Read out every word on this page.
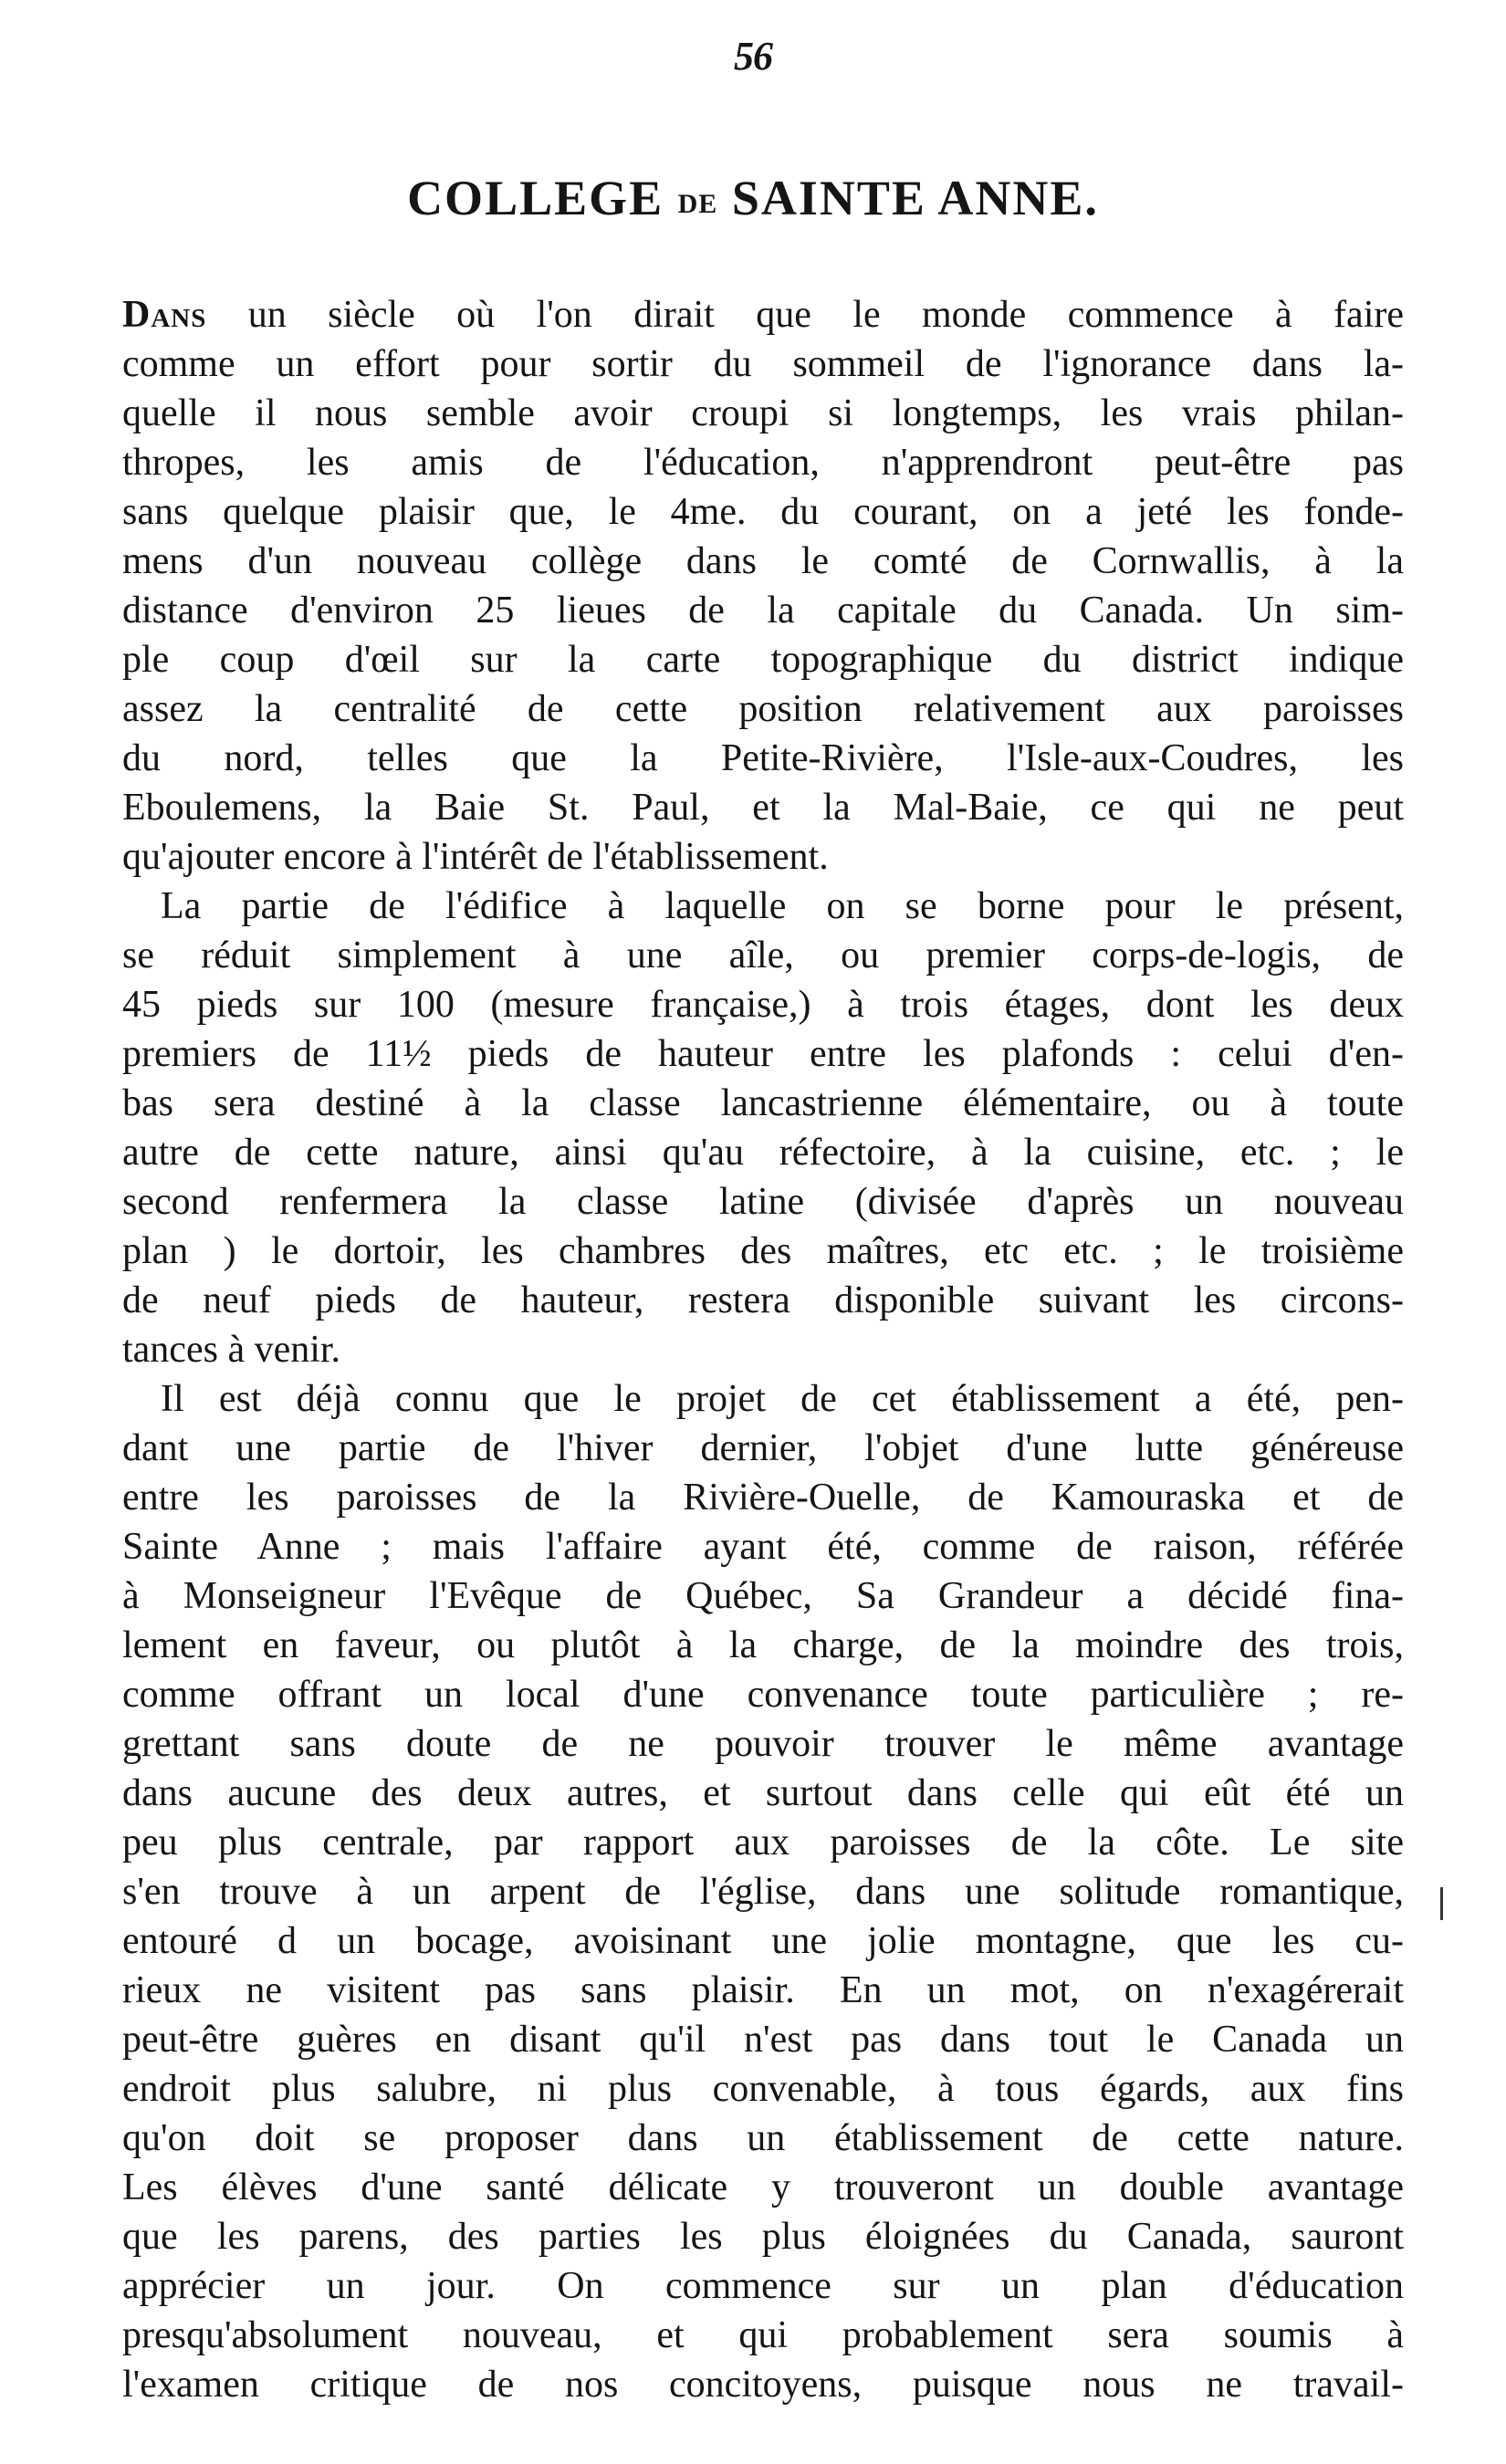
56
COLLEGE DE SAINTE ANNE.
Dans un siècle où l'on dirait que le monde commence à faire
comme un effort pour sortir du sommeil de l'ignorance dans la-
quelle il nous semble avoir croupi si longtemps, les vrais philan-
thropes, les amis de l'éducation, n'apprendront peut-être pas
sans quelque plaisir que, le 4me. du courant, on a jeté les fonde-
mens d'un nouveau collège dans le comté de Cornwallis, à la
distance d'environ 25 lieues de la capitale du Canada. Un sim-
ple coup d'œil sur la carte topographique du district indique
assez la centralité de cette position relativement aux paroisses
du nord, telles que la Petite-Rivière, l'Isle-aux-Coudres, les
Eboulemens, la Baie St. Paul, et la Mal-Baie, ce qui ne peut
qu'ajouter encore à l'intérêt de l'établissement.
La partie de l'édifice à laquelle on se borne pour le présent,
se réduit simplement à une aîle, ou premier corps-de-logis, de
45 pieds sur 100 (mesure française,) à trois étages, dont les deux
premiers de 11½ pieds de hauteur entre les plafonds : celui d'en-
bas sera destiné à la classe lancastrienne élémentaire, ou à toute
autre de cette nature, ainsi qu'au réfectoire, à la cuisine, etc. ; le
second renfermera la classe latine (divisée d'après un nouveau
plan ) le dortoir, les chambres des maîtres, etc etc. ; le troisième
de neuf pieds de hauteur, restera disponible suivant les circons-
tances à venir.
Il est déjà connu que le projet de cet établissement a été, pen-
dant une partie de l'hiver dernier, l'objet d'une lutte généreuse
entre les paroisses de la Rivière-Ouelle, de Kamouraska et de
Sainte Anne ; mais l'affaire ayant été, comme de raison, référée
à Monseigneur l'Evêque de Québec, Sa Grandeur a décidé fina-
lement en faveur, ou plutôt à la charge, de la moindre des trois,
comme offrant un local d'une convenance toute particulière ; re-
grettant sans doute de ne pouvoir trouver le même avantage
dans aucune des deux autres, et surtout dans celle qui eût été un
peu plus centrale, par rapport aux paroisses de la côte. Le site
s'en trouve à un arpent de l'église, dans une solitude romantique,
entouré d un bocage, avoisinant une jolie montagne, que les cu-
rieux ne visitent pas sans plaisir. En un mot, on n'exagérerait
peut-être guères en disant qu'il n'est pas dans tout le Canada un
endroit plus salubre, ni plus convenable, à tous égards, aux fins
qu'on doit se proposer dans un établissement de cette nature.
Les élèves d'une santé délicate y trouveront un double avantage
que les parens, des parties les plus éloignées du Canada, sauront
apprécier un jour. On commence sur un plan d'éducation
presqu'absolument nouveau, et qui probablement sera soumis à
l'examen critique de nos concitoyens, puisque nous ne travail-
